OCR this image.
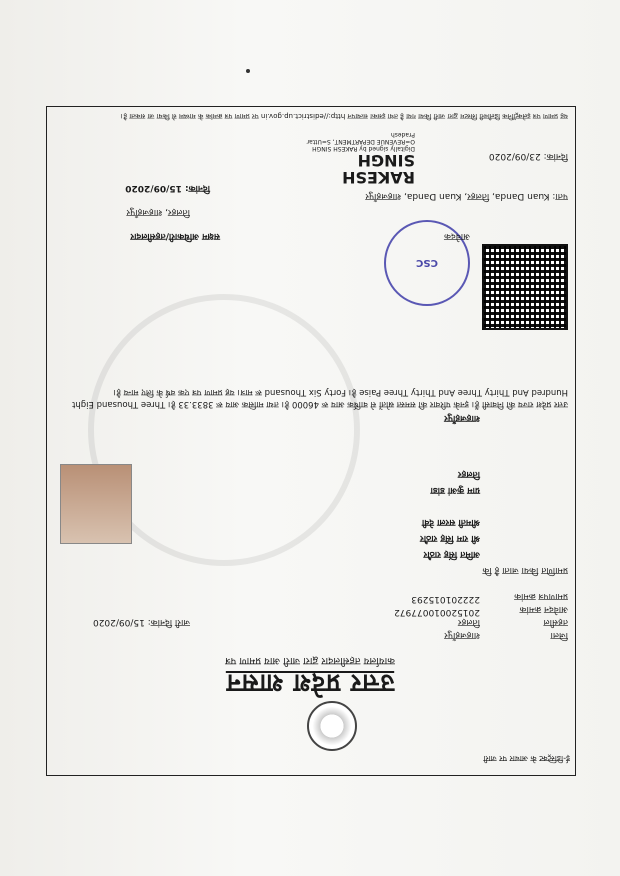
ई-डिस्ट्रिक्ट के आधार पर जारी
उत्तर प्रदेश शासन
कार्यालय तहसीलदार द्वारा जारी आय प्रमाण पत्र
जिला
शाहजहाँपुर
तहसील
तिलहर
आवेदन क्रमांक
201520010077972
प्रमाणपत्र क्रमांक
222201015293
जारी दिनांक: 15/09/2020
प्रमाणित किया जाता है कि
अमित सिंह राठौर
श्री राम सिंह राठौर
श्रीमती सरला देवी
ग्राम कुआं डांडा
तिलहर
शाहजहाँपुर
उत्तर प्रदेश राज्य की निवासी हैं। इनके परिवार की समस्त स्रोतों से वार्षिक आय रू 46000 है। तथा मासिक आय रू 3833.33 है। Three Thousand Eight Hundred And Thirty Three And Thirty Three Paise है। Forty Six Thousand रू मात्र। यह प्रमाण पत्र एक वर्ष के लिए मान्य है।
CSC
आवेदक
पता: Kuan Danda, तिलहर, Kuan Danda, शाहजहाँपुर
दिनांक: 23/09/2020
RAKESH
SINGH
Digitally signed by RAKESH SINGH O=REVENUE DEPARTMENT, S=Uttar Pradesh
सक्षम अधिकारी/तहसीलदार
तिलहर, शाहजहाँपुर
दिनांक: 15/09/2020
यह प्रमाण पत्र इलेक्ट्रॉनिक डिलीवरी सिस्टम द्वारा जारी किया गया है तथा इसका सत्यापन http://edistrict.up.gov.in पर प्रमाण पत्र क्रमांक के माध्यम से किया जा सकता है।
